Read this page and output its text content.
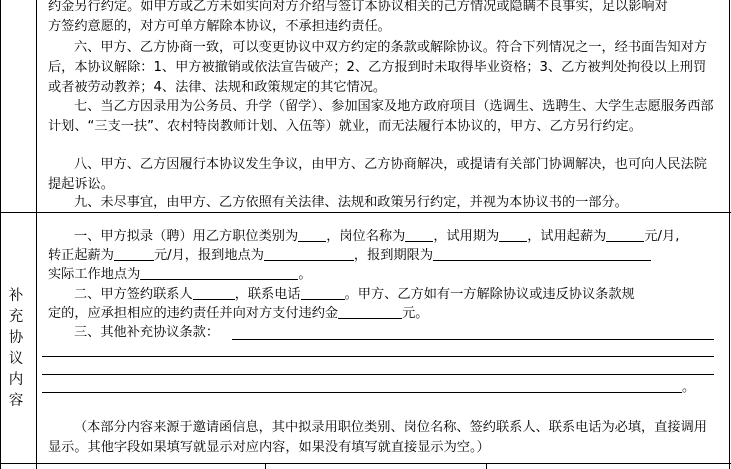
约金另行约定。如甲方或乙方未如实向对方介绍与签订本协议相关的己方情况或隐瞒不良事实，足以影响对
方签约意愿的，对方可单方解除本协议，不承担违约责任。
六、甲方、乙方协商一致，可以变更协议中双方约定的条款或解除协议。符合下列情况之一，经书面告知对方后，本协议解除：1、甲方被撤销或依法宣告破产；2、乙方报到时未取得毕业资格；3、乙方被判处拘役以上刑罚或者被劳动教养；4、法律、法规和政策规定的其它情况。
七、当乙方因录用为公务员、升学（留学）、参加国家及地方政府项目（选调生、选聘生、大学生志愿服务西部计划、“三支一扶”、农村特岗教师计划、入伍等）就业，而无法履行本协议的，甲方、乙方另行约定。
八、甲方、乙方因履行本协议发生争议，由甲方、乙方协商解决，或提请有关部门协调解决，也可向人民法院提起诉讼。
九、未尽事宜，由甲方、乙方依照有关法律、法规和政策另行约定，并视为本协议书的一部分。
补
充
协
议
内
容
一、甲方拟录（聘）用乙方职位类别为 ，岗位名称为 ，试用期为 ，试用起薪为	元/月,
转正起薪为	元/月，报到地点为	，报到期限为
实际工作地点为	。
二、甲方签约联系人	，联系电话	。甲方、乙方如有一方解除协议或违反协议条款规
定的，应承担相应的违约责任并向对方支付违约金	元。
三、其他补充协议条款：
。
（本部分内容来源于邀请函信息，其中拟录用职位类别、岗位名称、签约联系人、联系电话为必填，直接调用显示。其他字段如果填写就显示对应内容，如果没有填写就直接显示为空。）
